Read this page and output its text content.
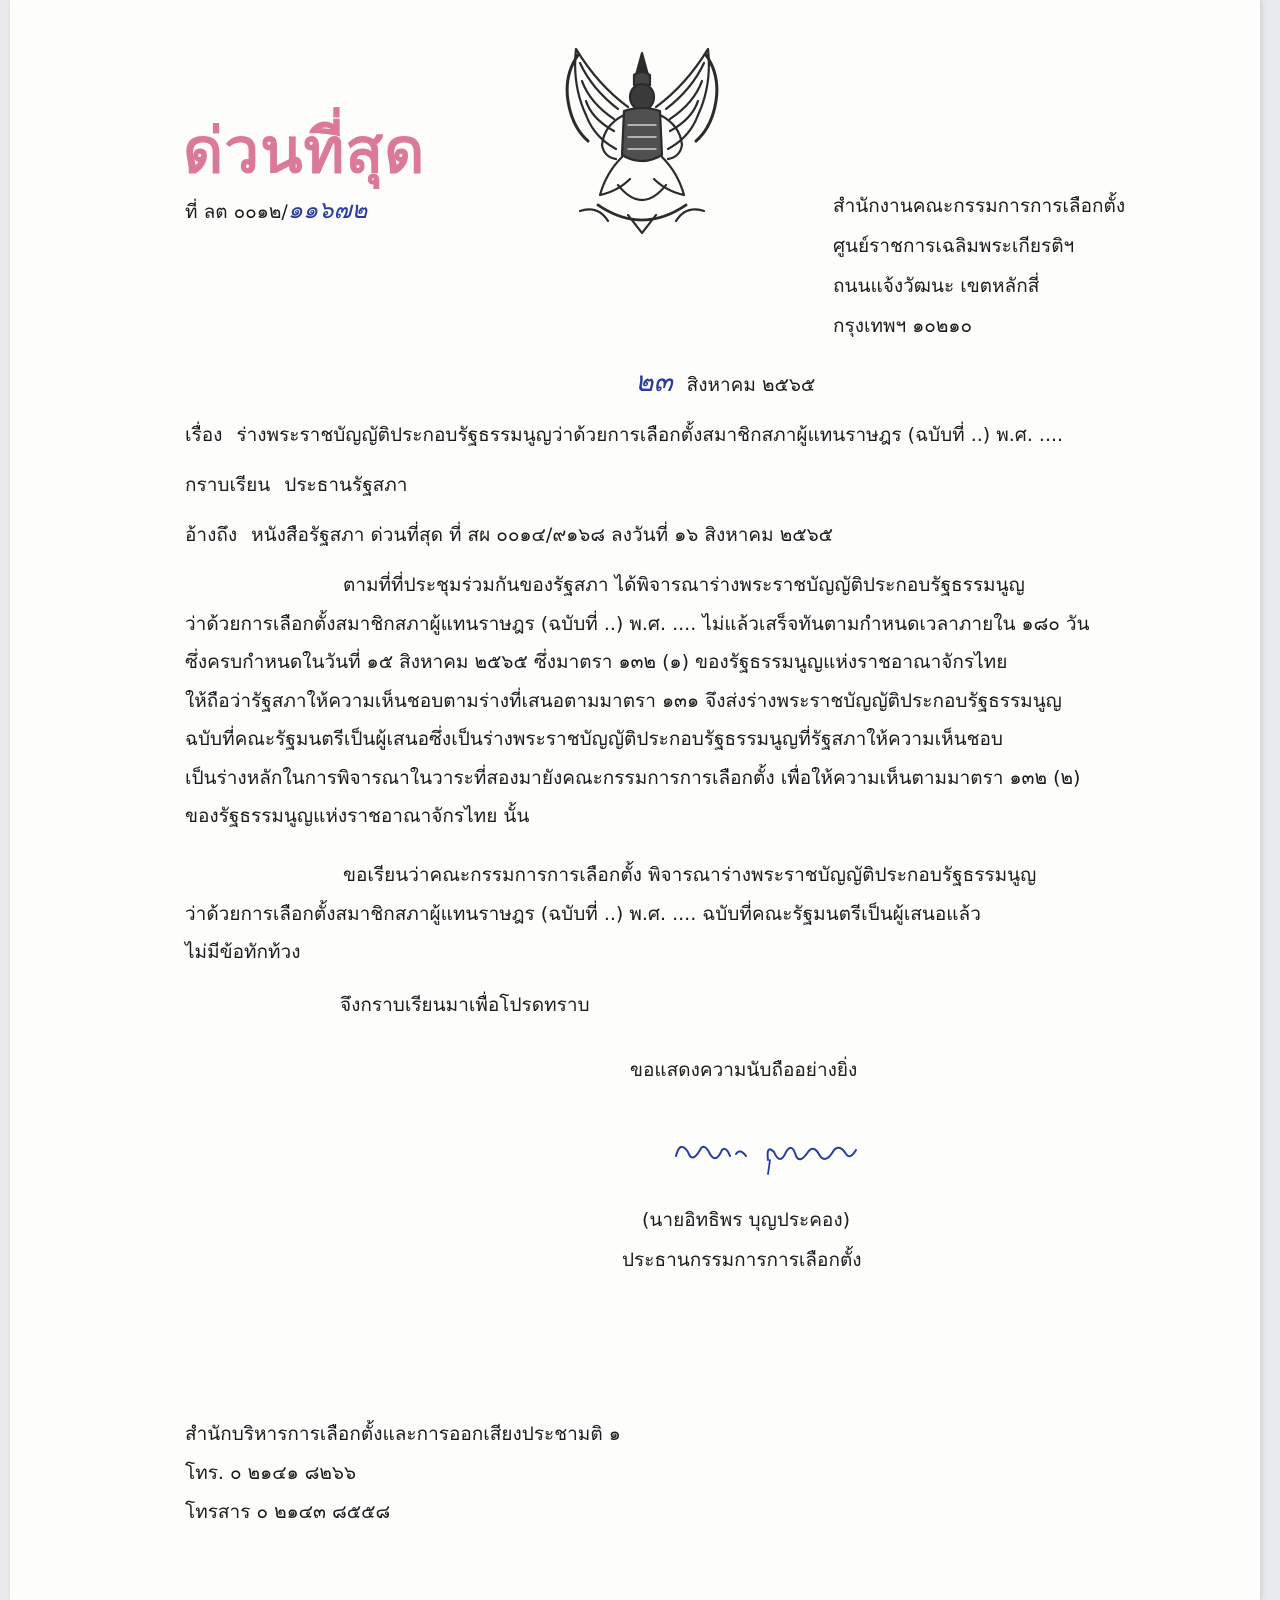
ด่วนที่สุด
ที่ ลต ๐๐๑๒/๑๑๖๗๒	สำนักงานคณะกรรมการการเลือกตั้ง
ศูนย์ราชการเฉลิมพระเกียรติฯ
ถนนแจ้งวัฒนะ เขตหลักสี่
กรุงเทพฯ ๑๐๒๑๐
๒๓ สิงหาคม ๒๕๖๕
เรื่อง ร่างพระราชบัญญัติประกอบรัฐธรรมนูญว่าด้วยการเลือกตั้งสมาชิกสภาผู้แทนราษฎร (ฉบับที่ ..) พ.ศ. ....
กราบเรียน ประธานรัฐสภา
อ้างถึง หนังสือรัฐสภา ด่วนที่สุด ที่ สผ ๐๐๑๔/๙๑๖๘ ลงวันที่ ๑๖ สิงหาคม ๒๕๖๕
ตามที่ที่ประชุมร่วมกันของรัฐสภา ได้พิจารณาร่างพระราชบัญญัติประกอบรัฐธรรมนูญ
ว่าด้วยการเลือกตั้งสมาชิกสภาผู้แทนราษฎร (ฉบับที่ ..) พ.ศ. .... ไม่แล้วเสร็จทันตามกำหนดเวลาภายใน ๑๘๐ วัน
ซึ่งครบกำหนดในวันที่ ๑๕ สิงหาคม ๒๕๖๕ ซึ่งมาตรา ๑๓๒ (๑) ของรัฐธรรมนูญแห่งราชอาณาจักรไทย
ให้ถือว่ารัฐสภาให้ความเห็นชอบตามร่างที่เสนอตามมาตรา ๑๓๑ จึงส่งร่างพระราชบัญญัติประกอบรัฐธรรมนูญ
ฉบับที่คณะรัฐมนตรีเป็นผู้เสนอซึ่งเป็นร่างพระราชบัญญัติประกอบรัฐธรรมนูญที่รัฐสภาให้ความเห็นชอบ
เป็นร่างหลักในการพิจารณาในวาระที่สองมายังคณะกรรมการการเลือกตั้ง เพื่อให้ความเห็นตามมาตรา ๑๓๒ (๒)
ของรัฐธรรมนูญแห่งราชอาณาจักรไทย นั้น
ขอเรียนว่าคณะกรรมการการเลือกตั้ง พิจารณาร่างพระราชบัญญัติประกอบรัฐธรรมนูญ
ว่าด้วยการเลือกตั้งสมาชิกสภาผู้แทนราษฎร (ฉบับที่ ..) พ.ศ. .... ฉบับที่คณะรัฐมนตรีเป็นผู้เสนอแล้ว
ไม่มีข้อทักท้วง
จึงกราบเรียนมาเพื่อโปรดทราบ
ขอแสดงความนับถืออย่างยิ่ง
(นายอิทธิพร บุญประคอง)
ประธานกรรมการการเลือกตั้ง
สำนักบริหารการเลือกตั้งและการออกเสียงประชามติ ๑
โทร. ๐ ๒๑๔๑ ๘๒๖๖
โทรสาร ๐ ๒๑๔๓ ๘๕๕๘
